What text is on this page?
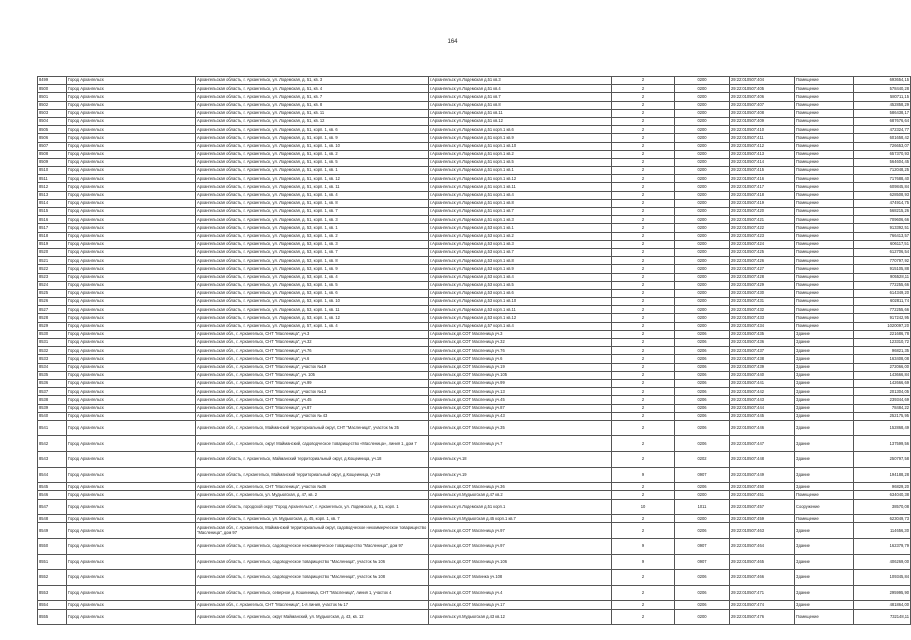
164
8499	Город Архангельск	Архангельская область, г. Архангельск, ул. Лодемская, д. 51, кв. 3	г.Архангельск ул.Лодемская д.51 кв.3	2	0200	29:22:010507:404	Помещение	693654,15
8500	Город Архангельск	Архангельская область, г. Архангельск, ул. Лодемская, д. 51, кв. 4	г.Архангельск ул.Лодемская д.51 кв.4	2	0200	29:22:010507:405	Помещение	578440,28
8501	Город Архангельск	Архангельская область, г. Архангельск, ул. Лодемская, д. 51, кв. 7	г.Архангельск ул.Лодемская д.51 кв.7	2	0200	29:22:010507:406	Помещение	580711,15
8502	Город Архангельск	Архангельская область, г. Архангельск, ул. Лодемская, д. 51, кв. 8	г.Архангельск ул.Лодемская д.51 кв.8	2	0200	29:22:010507:407	Помещение	452858,29
8503	Город Архангельск	Архангельская область, г. Архангельск, ул. Лодемская, д. 51, кв. 11	г.Архангельск ул.Лодемская д.51 кв.11	2	0200	29:22:010507:408	Помещение	586438,17
8504	Город Архангельск	Архангельская область, г. Архангельск, ул. Лодемская, д. 51, кв. 12	г.Архангельск ул.Лодемская д.51 кв.12	2	0200	29:22:010507:409	Помещение	687676,64
8505	Город Архангельск	Архангельская область, г. Архангельск, ул. Лодемская, д. 51, корп. 1, кв. 6	г.Архангельск ул.Лодемская д.51 корп.1 кв.6	2	0200	29:22:010507:410	Помещение	472324,77
8506	Город Архангельск	Архангельская область, г. Архангельск, ул. Лодемская, д. 51, корп. 1, кв. 9	г.Архангельск ул.Лодемская д.51 корп.1 кв.9	2	0200	29:22:010507:411	Помещение	601658,42
8507	Город Архангельск	Архангельская область, г. Архангельск, ул. Лодемская, д. 51, корп. 1, кв. 10	г.Архангельск ул.Лодемская д.51 корп.1 кв.10	2	0200	29:22:010507:412	Помещение	726653,07
8508	Город Архангельск	Архангельская область, г. Архангельск, ул. Лодемская, д. 51, корп. 1, кв. 2	г.Архангельск ул.Лодемская д.51 корп.1 кв.2	2	0200	29:22:010507:413	Помещение	657370,93
8509	Город Архангельск	Архангельская область, г. Архангельск, ул. Лодемская, д. 51, корп. 1, кв. 5	г.Архангельск ул.Лодемская д.51 корп.1 кв.5	2	0200	29:22:010507:414	Помещение	564604,45
8510	Город Архангельск	Архангельская область, г. Архангельск, ул. Лодемская, д. 51, корп. 1, кв. 1	г.Архангельск ул.Лодемская д.51 корп.1 кв.1	2	0200	29:22:010507:415	Помещение	712048,25
8511	Город Архангельск	Архангельская область, г. Архангельск, ул. Лодемская, д. 51, корп. 1, кв. 12	г.Архангельск ул.Лодемская д.51 корп.1 кв.12	2	0200	29:22:010507:416	Помещение	717688,40
8512	Город Архангельск	Архангельская область, г. Архангельск, ул. Лодемская, д. 51, корп. 1, кв. 11	г.Архангельск ул.Лодемская д.51 корп.1 кв.11	2	0200	29:22:010507:417	Помещение	609845,84
8513	Город Архангельск	Архангельская область, г. Архангельск, ул. Лодемская, д. 51, корп. 1, кв. 4	г.Архангельск ул.Лодемская д.51 корп.1 кв.4	2	0200	29:22:010507:418	Помещение	628508,93
8514	Город Архангельск	Архангельская область, г. Архангельск, ул. Лодемская, д. 51, корп. 1, кв. 8	г.Архангельск ул.Лодемская д.51 корп.1 кв.8	2	0200	29:22:010507:419	Помещение	474914,75
8515	Город Архангельск	Архангельская область, г. Архангельск, ул. Лодемская, д. 51, корп. 1, кв. 7	г.Архангельск ул.Лодемская д.51 корп.1 кв.7	2	0200	29:22:010507:420	Помещение	568215,26
8516	Город Архангельск	Архангельская область, г. Архангельск, ул. Лодемская, д. 51, корп. 1, кв. 3	г.Архангельск ул.Лодемская д.51 корп.1 кв.3	2	0200	29:22:010507:421	Помещение	709606,66
8517	Город Архангельск	Архангельская область, г. Архангельск, ул. Лодемская, д. 53, корп. 1, кв. 1	г.Архангельск ул.Лодемская д.53 корп.1 кв.1	2	0200	29:22:010507:422	Помещение	913392,51
8518	Город Архангельск	Архангельская область, г. Архангельск, ул. Лодемская, д. 53, корп. 1, кв. 2	г.Архангельск ул.Лодемская д.53 корп.1 кв.2	2	0200	29:22:010507:423	Помещение	766413,57
8519	Город Архангельск	Архангельская область, г. Архангельск, ул. Лодемская, д. 53, корп. 1, кв. 3	г.Архангельск ул.Лодемская д.53 корп.1 кв.3	2	0200	29:22:010507:424	Помещение	606117,51
8520	Город Архангельск	Архангельская область, г. Архангельск, ул. Лодемская, д. 53, корп. 1, кв. 7	г.Архангельск ул.Лодемская д.53 корп.1 кв.7	2	0200	29:22:010507:425	Помещение	612706,54
8521	Город Архангельск	Архангельская область, г. Архангельск, ул. Лодемская, д. 53, корп. 1, кв. 8	г.Архангельск ул.Лодемская д.53 корп.1 кв.8	2	0200	29:22:010507:426	Помещение	770797,92
8522	Город Архангельск	Архангельская область, г. Архангельск, ул. Лодемская, д. 53, корп. 1, кв. 9	г.Архангельск ул.Лодемская д.53 корп.1 кв.9	2	0200	29:22:010507:427	Помещение	915105,88
8523	Город Архангельск	Архангельская область, г. Архангельск, ул. Лодемская, д. 53, корп. 1, кв. 4	г.Архангельск ул.Лодемская д.53 корп.1 кв.4	2	0200	29:22:010507:428	Помещение	905528,11
8524	Город Архангельск	Архангельская область, г. Архангельск, ул. Лодемская, д. 53, корп. 1, кв. 5	г.Архангельск ул.Лодемская д.53 корп.1 кв.5	2	0200	29:22:010507:429	Помещение	772255,66
8525	Город Архангельск	Архангельская область, г. Архангельск, ул. Лодемская, д. 53, корп. 1, кв. 6	г.Архангельск ул.Лодемская д.53 корп.1 кв.6	2	0200	29:22:010507:430	Помещение	614349,20
8526	Город Архангельск	Архангельская область, г. Архангельск, ул. Лодемская, д. 53, корп. 1, кв. 10	г.Архангельск ул.Лодемская д.53 корп.1 кв.10	2	0200	29:22:010507:431	Помещение	602811,74
8527	Город Архангельск	Архангельская область, г. Архангельск, ул. Лодемская, д. 53, корп. 1, кв. 11	г.Архангельск ул.Лодемская д.53 корп.1 кв.11	2	0200	29:22:010507:432	Помещение	772255,66
8528	Город Архангельск	Архангельская область, г. Архангельск, ул. Лодемская, д. 53, корп. 1, кв. 12	г.Архангельск ул.Лодемская д.53 корп.1 кв.12	2	0200	29:22:010507:433	Помещение	917242,95
8529	Город Архангельск	Архангельская область, г. Архангельск, ул. Лодемская, д. 57, корп. 1, кв. 4	г.Архангельск ул.Лодемская д.57 корп.1 кв.4	2	0200	29:22:010507:434	Помещение	1020097,20
8530	Город Архангельск	Архангельская обл., г. Архангельск, СНТ "Масленица", уч.3	г.Архангельск дп.СОТ Масленица уч.3	2	0206	29:22:010507:435	Здание	221686,78
8531	Город Архангельск	Архангельская обл., г. Архангельск, СНТ "Масленица", уч.32	г.Архангельск дп.СОТ Масленица уч.32	2	0206	29:22:010507:436	Здание	123310,72
8532	Город Архангельск	Архангельская обл., г. Архангельск, СНТ "Масленица", уч.76	г.Архангельск дп.СОТ Масленица уч.76	2	0206	29:22:010507:437	Здание	96821,35
8533	Город Архангельск	Архангельская обл., г. Архангельск, СНТ "Масленица", уч.6	г.Архангельск дп.СОТ Масленица уч.6	2	0206	29:22:010507:438	Здание	163408,08
8534	Город Архангельск	Архангельская обл., г. Архангельск, СНТ "Масленица", участок №19	г.Архангельск дп.СОТ Масленица уч.19	2	0206	29:22:010507:439	Здание	272066,00
8535	Город Архангельск	Архангельская обл., г. Архангельск, СНТ "Масленица", уч. 105	г.Архангельск дп.СОТ Масленица уч.105	2	0206	29:22:010507:440	Здание	143666,84
8536	Город Архангельск	Архангельская обл., г. Архангельск, СНТ "Масленица", уч.99	г.Архангельск дп.СОТ Масленица уч.99	2	0206	29:22:010507:441	Здание	142666,69
8537	Город Архангельск	Архангельская обл., г. Архангельск, СНТ "Масленица", участок №13	г.Архангельск дп.СОТ Масленица уч.13	2	0206	29:22:010507:442	Здание	201304,05
8538	Город Архангельск	Архангельская обл., г. Архангельск, СНТ "Масленица", уч.45	г.Архангельск дп.СОТ Масленица уч.45	2	0206	29:22:010507:443	Здание	239344,69
8539	Город Архангельск	Архангельская обл., г. Архангельск, СНТ "Масленица", уч.87	г.Архангельск дп.СОТ Масленица уч.87	2	0206	29:22:010507:444	Здание	78484,22
8540	Город Архангельск	Архангельская обл., г. Архангельск, СНТ "Масленица", участок № 43	г.Архангельск дп.СОТ Масленица уч.43	2	0206	29:22:010507:445	Здание	252175,95
8541	Город Архангельск	Архангельская обл., г. Архангельск, Майманский территориальный округ, СНТ "Масленица", участок № 35	г.Архангельск дп.СОТ Масленица уч.35	2	0206	29:22:010507:446	Здание	152868,49
8542	Город Архангельск	Архангельская обл., г. Архангельск, округ Майманский, садоводческое товарищество «Масленица», линия 1, дом 7	г.Архангельск дп.СОТ Масленица уч.7	2	0206	29:22:010507:447	Здание	137599,56
8543	Город Архангельск	Архангельская область, г. Архангельск, Майманский территориальный округ, д.Кощеиница, уч.18	г.Архангельск уч.18	2	0202	29:22:010507:448	Здание	250797,58
8544	Город Архангельск	Архангельская область, г.Архангельск, Майманский территориальный округ, д.Кощеиница, уч.19	г.Архангельск уч.19	9	0907	29:22:010507:449	Здание	194188,28
8545	Город Архангельск	Архангельская обл., г. Архангельск, СНТ "Масленица", участок №36	г.Архангельск дп.СОТ Масленица уч.36	2	0206	29:22:010507:450	Здание	96829,20
8546	Город Архангельск	Архангельская обл., г. Архангельск, ул. Мудьюгская, д. 47, кв. 2	г.Архангельск ул.Мудьюгская д.47 кв.2	2	0200	29:22:010507:451	Помещение	634040,38
8547	Город Архангельск	Архангельская область, городской округ "Город Архангельск", г. Архангельск, ул. Лодемская, д. 51, корп. 1	г.Архангельск ул.Лодемская д.51 корп.1	10	1011	29:22:010507:457	Сооружение	38570,08
8548	Город Архангельск	Архангельская область, г. Архангельск, ул. Мудьюгская, д. 45, корп. 1, кв. 7	г.Архангельск ул.Мудьюгская д.45 корп.1 кв.7	2	0200	29:22:010507:459	Помещение	623049,73
8549	Город Архангельск	Архангельская обл., г. Архангельск, Майманский территориальный округ, садоводческое некоммерческое товарищество "Масленица", дом 97	г.Архангельск дп.СОТ Масленица уч.97	2	0206	29:22:010507:463	Здание	114656,30
8550	Город Архангельск	Архангельская область, г. Архангельск, садоводческое некоммерческое товарищество "Масленица", дом 97	г.Архангельск дп.СОТ Масленица уч.97	9	0907	29:22:010507:464	Здание	162379,79
8551	Город Архангельск	Архангельская область, г. Архангельск, садоводческое товарищество "Масленица", участок № 106	г.Архангельск дп.СОТ Масленица уч.106	9	0907	29:22:010507:465	Здание	406269,00
8552	Город Архангельск	Архангельская область, г. Архангельск, садоводческое товарищество "Масленица", участок № 108	г.Архангельск дп.СОТ Малинка уч.108	2	0206	29:22:010507:466	Здание	109345,84
8553	Город Архангельск	Архангельская область, г. Архангельск, северное д. Кошеиница, СНТ "Масленица", линия 1, участок 4	г.Архангельск дп.СОТ Масленица уч.4	2	0206	29:22:010507:471	Здание	295995,90
8554	Город Архангельск	Архангельская обл., г. Архангельск, СНТ "Масленица", 1-я линия, участок № 17	г.Архангельск дп.СОТ Масленица уч.17	2	0206	29:22:010507:474	Здание	481864,00
8555	Город Архангельск	Архангельская область, г. Архангельск, округ Майманский, ул. Мудьюгская, д. 43, кв. 12	г.Архангельск ул.Мудьюгская д.43 кв.12	2	0200	29:22:010507:476	Помещение	732148,11
